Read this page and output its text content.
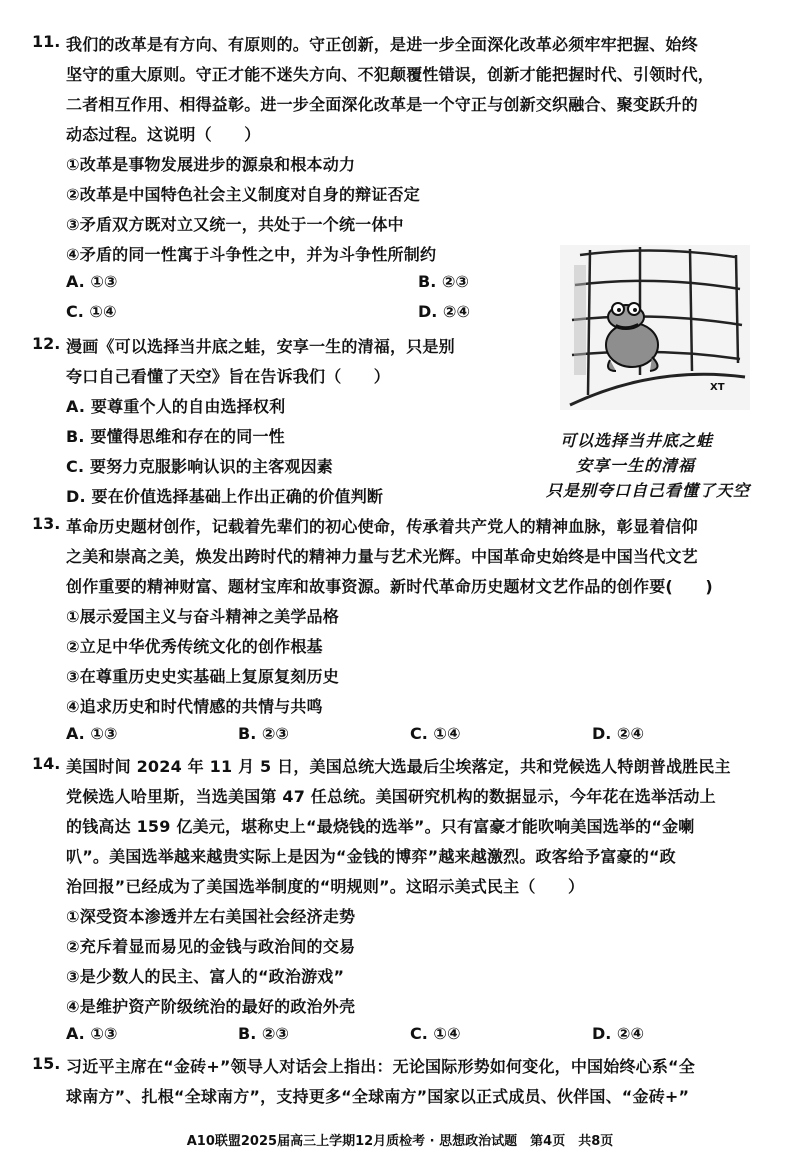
11. 我们的改革是有方向、有原则的。守正创新，是进一步全面深化改革必须牢牢把握、始终
坚守的重大原则。守正才能不迷失方向、不犯颠覆性错误，创新才能把握时代、引领时代，
二者相互作用、相得益彰。进一步全面深化改革是一个守正与创新交织融合、聚变跃升的
动态过程。这说明（　　）
①改革是事物发展进步的源泉和根本动力
②改革是中国特色社会主义制度对自身的辩证否定
③矛盾双方既对立又统一，共处于一个统一体中
④矛盾的同一性寓于斗争性之中，并为斗争性所制约
A. ①③	B. ②③
C. ①④	D. ②④
XT
可以选择当井底之蛙
安享一生的清福
只是别夸口自己看懂了天空
12. 漫画《可以选择当井底之蛙，安享一生的清福，只是别
夸口自己看懂了天空》旨在告诉我们（　　）
A. 要尊重个人的自由选择权利
B. 要懂得思维和存在的同一性
C. 要努力克服影响认识的主客观因素
D. 要在价值选择基础上作出正确的价值判断
13. 革命历史题材创作，记载着先辈们的初心使命，传承着共产党人的精神血脉，彰显着信仰
之美和崇高之美，焕发出跨时代的精神力量与艺术光辉。中国革命史始终是中国当代文艺
创作重要的精神财富、题材宝库和故事资源。新时代革命历史题材文艺作品的创作要(　　)
①展示爱国主义与奋斗精神之美学品格
②立足中华优秀传统文化的创作根基
③在尊重历史史实基础上复原复刻历史
④追求历史和时代情感的共情与共鸣
A. ①③	B. ②③	C. ①④	D. ②④
14. 美国时间 2024 年 11 月 5 日，美国总统大选最后尘埃落定，共和党候选人特朗普战胜民主
党候选人哈里斯，当选美国第 47 任总统。美国研究机构的数据显示，今年花在选举活动上
的钱高达 159 亿美元，堪称史上“最烧钱的选举”。只有富豪才能吹响美国选举的“金喇
叭”。美国选举越来越贵实际上是因为“金钱的博弈”越来越激烈。政客给予富豪的“政
治回报”已经成为了美国选举制度的“明规则”。这昭示美式民主（　　）
①深受资本渗透并左右美国社会经济走势
②充斥着显而易见的金钱与政治间的交易
③是少数人的民主、富人的“政治游戏”
④是维护资产阶级统治的最好的政治外壳
A. ①③	B. ②③	C. ①④	D. ②④
15. 习近平主席在“金砖+”领导人对话会上指出：无论国际形势如何变化，中国始终心系“全
球南方”、扎根“全球南方”，支持更多“全球南方”国家以正式成员、伙伴国、“金砖+”
A10联盟2025届高三上学期12月质检考 · 思想政治试题　第4页　共8页
